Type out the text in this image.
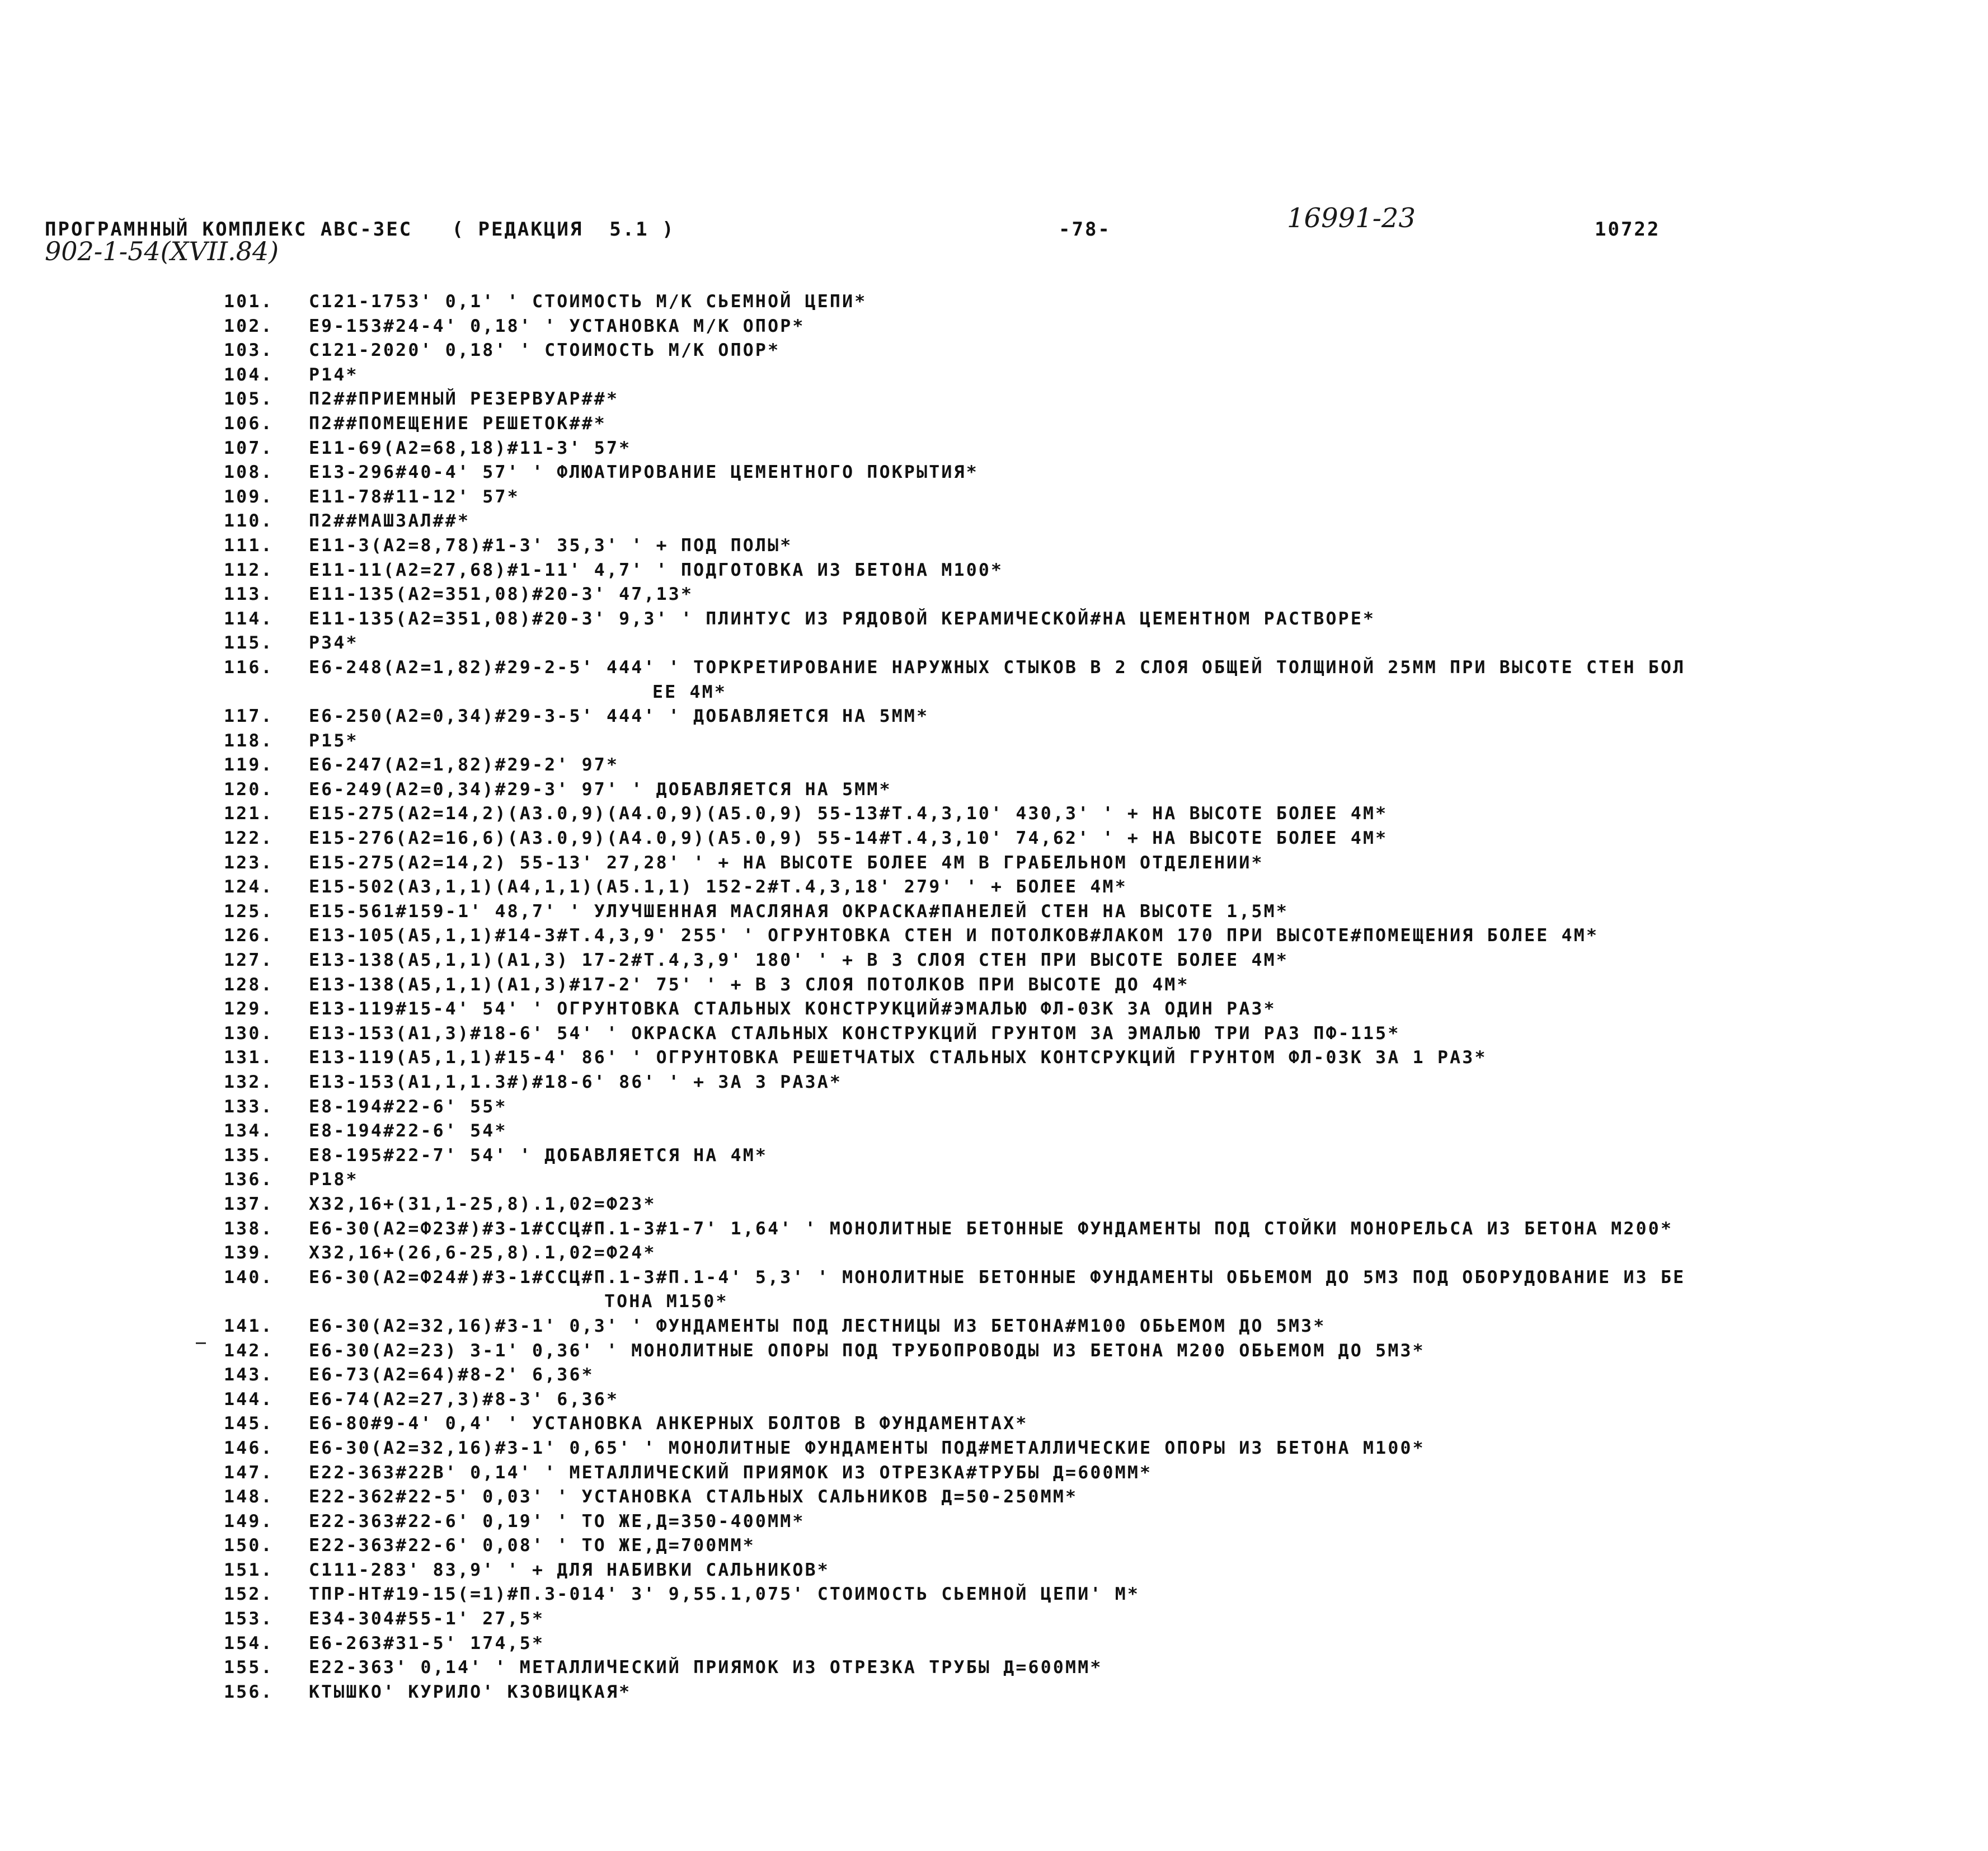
ПРОГРАМННЫЙ КОМПЛЕКС АВС-3ЕС   ( РЕДАКЦИЯ  5.1 )	-78-	10722
902-1-54(XVII.84)
16991-23
101.	С121-1753' 0,1' ' СТОИМОСТЬ М/К СЬЕМНОЙ ЦЕПИ*
102.	Е9-153#24-4' 0,18' ' УСТАНОВКА М/К ОПОР*
103.	С121-2020' 0,18' ' СТОИМОСТЬ М/К ОПОР*
104.	Р14*
105.	П2##ПРИЕМНЫЙ РЕЗЕРВУАР##*
106.	П2##ПОМЕЩЕНИЕ РЕШЕТОК##*
107.	Е11-69(А2=68,18)#11-3' 57*
108.	Е13-296#40-4' 57' ' ФЛЮАТИРОВАНИЕ ЦЕМЕНТНОГО ПОКРЫТИЯ*
109.	Е11-78#11-12' 57*
110.	П2##МАШЗАЛ##*
111.	Е11-3(А2=8,78)#1-3' 35,3' ' + ПОД ПОЛЫ*
112.	Е11-11(А2=27,68)#1-11' 4,7' ' ПОДГОТОВКА ИЗ БЕТОНА М100*
113.	Е11-135(А2=351,08)#20-3' 47,13*
114.	Е11-135(А2=351,08)#20-3' 9,3' ' ПЛИНТУС ИЗ РЯДОВОЙ КЕРАМИЧЕСКОЙ#НА ЦЕМЕНТНОМ РАСТВОРЕ*
115.	Р34*
116.	Е6-248(А2=1,82)#29-2-5' 444' ' ТОРКРЕТИРОВАНИЕ НАРУЖНЫХ СТЫКОВ В 2 СЛОЯ ОБЩЕЙ ТОЛЩИНОЙ 25ММ ПРИ ВЫСОТЕ СТЕН БОЛ
ЕЕ 4М*
117.	Е6-250(А2=0,34)#29-3-5' 444' ' ДОБАВЛЯЕТСЯ НА 5ММ*
118.	Р15*
119.	Е6-247(А2=1,82)#29-2' 97*
120.	Е6-249(А2=0,34)#29-3' 97' ' ДОБАВЛЯЕТСЯ НА 5ММ*
121.	Е15-275(А2=14,2)(А3.0,9)(А4.0,9)(А5.0,9) 55-13#Т.4,3,10' 430,3' ' + НА ВЫСОТЕ БОЛЕЕ 4М*
122.	Е15-276(А2=16,6)(А3.0,9)(А4.0,9)(А5.0,9) 55-14#Т.4,3,10' 74,62' ' + НА ВЫСОТЕ БОЛЕЕ 4М*
123.	Е15-275(А2=14,2) 55-13' 27,28' ' + НА ВЫСОТЕ БОЛЕЕ 4М В ГРАБЕЛЬНОМ ОТДЕЛЕНИИ*
124.	Е15-502(А3,1,1)(А4,1,1)(А5.1,1) 152-2#Т.4,3,18' 279' ' + БОЛЕЕ 4М*
125.	Е15-561#159-1' 48,7' ' УЛУЧШЕННАЯ МАСЛЯНАЯ ОКРАСКА#ПАНЕЛЕЙ СТЕН НА ВЫСОТЕ 1,5М*
126.	Е13-105(А5,1,1)#14-3#Т.4,3,9' 255' ' ОГРУНТОВКА СТЕН И ПОТОЛКОВ#ЛАКОМ 170 ПРИ ВЫСОТЕ#ПОМЕЩЕНИЯ БОЛЕЕ 4М*
127.	Е13-138(А5,1,1)(А1,3) 17-2#Т.4,3,9' 180' ' + В 3 СЛОЯ СТЕН ПРИ ВЫСОТЕ БОЛЕЕ 4М*
128.	Е13-138(А5,1,1)(А1,3)#17-2' 75' ' + В 3 СЛОЯ ПОТОЛКОВ ПРИ ВЫСОТЕ ДО 4М*
129.	Е13-119#15-4' 54' ' ОГРУНТОВКА СТАЛЬНЫХ КОНСТРУКЦИЙ#ЭМАЛЬЮ ФЛ-03К ЗА ОДИН РАЗ*
130.	Е13-153(А1,3)#18-6' 54' ' ОКРАСКА СТАЛЬНЫХ КОНСТРУКЦИЙ ГРУНТОМ ЗА ЭМАЛЬЮ ТРИ РАЗ ПФ-115*
131.	Е13-119(А5,1,1)#15-4' 86' ' ОГРУНТОВКА РЕШЕТЧАТЫХ СТАЛЬНЫХ КОНТСРУКЦИЙ ГРУНТОМ ФЛ-03К ЗА 1 РАЗ*
132.	Е13-153(А1,1,1.3#)#18-6' 86' ' + ЗА 3 РАЗА*
133.	Е8-194#22-6' 55*
134.	Е8-194#22-6' 54*
135.	Е8-195#22-7' 54' ' ДОБАВЛЯЕТСЯ НА 4М*
136.	Р18*
137.	Х32,16+(31,1-25,8).1,02=Ф23*
138.	Е6-30(А2=Ф23#)#3-1#ССЦ#П.1-3#1-7' 1,64' ' МОНОЛИТНЫЕ БЕТОННЫЕ ФУНДАМЕНТЫ ПОД СТОЙКИ МОНОРЕЛЬСА ИЗ БЕТОНА М200*
139.	Х32,16+(26,6-25,8).1,02=Ф24*
140.	Е6-30(А2=Ф24#)#3-1#ССЦ#П.1-3#П.1-4' 5,3' ' МОНОЛИТНЫЕ БЕТОННЫЕ ФУНДАМЕНТЫ ОБЬЕМОМ ДО 5М3 ПОД ОБОРУДОВАНИЕ ИЗ БЕ
ТОНА М150*
141.	Е6-30(А2=32,16)#3-1' 0,3' ' ФУНДАМЕНТЫ ПОД ЛЕСТНИЦЫ ИЗ БЕТОНА#М100 ОБЬЕМОМ ДО 5М3*
142.	Е6-30(А2=23) 3-1' 0,36' ' МОНОЛИТНЫЕ ОПОРЫ ПОД ТРУБОПРОВОДЫ ИЗ БЕТОНА М200 ОБЬЕМОМ ДО 5М3*
143.	Е6-73(А2=64)#8-2' 6,36*
144.	Е6-74(А2=27,3)#8-3' 6,36*
145.	Е6-80#9-4' 0,4' ' УСТАНОВКА АНКЕРНЫХ БОЛТОВ В ФУНДАМЕНТАХ*
146.	Е6-30(А2=32,16)#3-1' 0,65' ' МОНОЛИТНЫЕ ФУНДАМЕНТЫ ПОД#МЕТАЛЛИЧЕСКИЕ ОПОРЫ ИЗ БЕТОНА М100*
147.	Е22-363#22В' 0,14' ' МЕТАЛЛИЧЕСКИЙ ПРИЯМОК ИЗ ОТРЕЗКА#ТРУБЫ Д=600ММ*
148.	Е22-362#22-5' 0,03' ' УСТАНОВКА СТАЛЬНЫХ САЛЬНИКОВ Д=50-250ММ*
149.	Е22-363#22-6' 0,19' ' ТО ЖЕ,Д=350-400ММ*
150.	Е22-363#22-6' 0,08' ' ТО ЖЕ,Д=700ММ*
151.	С111-283' 83,9' ' + ДЛЯ НАБИВКИ САЛЬНИКОВ*
152.	ТПР-НТ#19-15(=1)#П.3-014' 3' 9,55.1,075' СТОИМОСТЬ СЬЕМНОЙ ЦЕПИ' М*
153.	Е34-304#55-1' 27,5*
154.	Е6-263#31-5' 174,5*
155.	Е22-363' 0,14' ' МЕТАЛЛИЧЕСКИЙ ПРИЯМОК ИЗ ОТРЕЗКА ТРУБЫ Д=600ММ*
156.	КТЫШКО' КУРИЛО' КЗОВИЦКАЯ*
